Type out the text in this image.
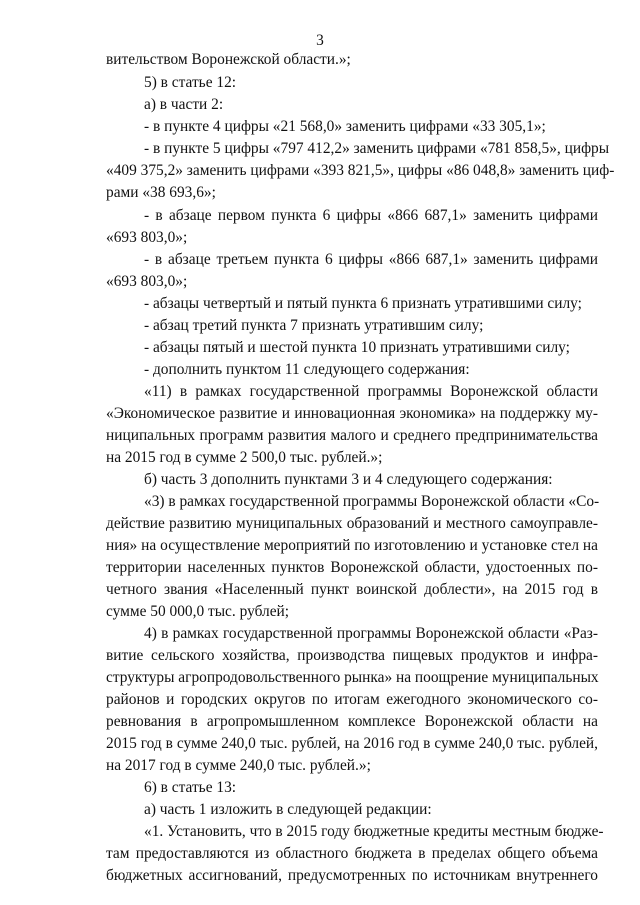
3
вительством Воронежской области.»;
5) в статье 12:
а) в части 2:
- в пункте 4 цифры «21 568,0» заменить цифрами «33 305,1»;
- в пункте 5 цифры «797 412,2» заменить цифрами «781 858,5», цифры
«409 375,2» заменить цифрами «393 821,5», цифры «86 048,8» заменить циф-
рами «38 693,6»;
- в абзаце первом пункта 6 цифры «866 687,1» заменить цифрами
«693 803,0»;
- в абзаце третьем пункта 6 цифры «866 687,1» заменить цифрами
«693 803,0»;
- абзацы четвертый и пятый пункта 6 признать утратившими силу;
- абзац третий пункта 7 признать утратившим силу;
- абзацы пятый и шестой пункта 10 признать утратившими силу;
- дополнить пунктом 11 следующего содержания:
«11) в рамках государственной программы Воронежской области
«Экономическое развитие и инновационная экономика» на поддержку му-
ниципальных программ развития малого и среднего предпринимательства
на 2015 год в сумме 2 500,0 тыс. рублей.»;
б) часть 3 дополнить пунктами 3 и 4 следующего содержания:
«3) в рамках государственной программы Воронежской области «Со-
действие развитию муниципальных образований и местного самоуправле-
ния» на осуществление мероприятий по изготовлению и установке стел на
территории населенных пунктов Воронежской области, удостоенных по-
четного звания «Населенный пункт воинской доблести», на 2015 год в
сумме 50 000,0 тыс. рублей;
4) в рамках государственной программы Воронежской области «Раз-
витие сельского хозяйства, производства пищевых продуктов и инфра-
структуры агропродовольственного рынка» на поощрение муниципальных
районов и городских округов по итогам ежегодного экономического со-
ревнования в агропромышленном комплексе Воронежской области на
2015 год в сумме 240,0 тыс. рублей, на 2016 год в сумме 240,0 тыс. рублей,
на 2017 год в сумме 240,0 тыс. рублей.»;
6) в статье 13:
а) часть 1 изложить в следующей редакции:
«1. Установить, что в 2015 году бюджетные кредиты местным бюдже-
там предоставляются из областного бюджета в пределах общего объема
бюджетных ассигнований, предусмотренных по источникам внутреннего
